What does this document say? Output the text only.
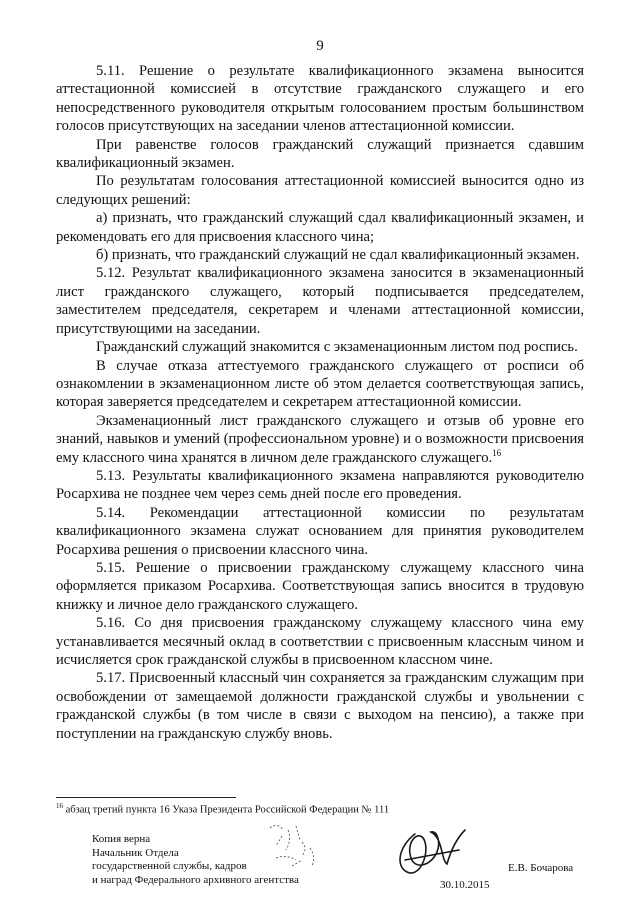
9

5.11. Решение о результате квалификационного экзамена выносится аттестационной комиссией в отсутствие гражданского служащего и его непосредственного руководителя открытым голосованием простым большинством голосов присутствующих на заседании членов аттестационной комиссии.

При равенстве голосов гражданский служащий признается сдавшим квалификационный экзамен.

По результатам голосования аттестационной комиссией выносится одно из следующих решений:

а) признать, что гражданский служащий сдал квалификационный экзамен, и рекомендовать его для присвоения классного чина;

б) признать, что гражданский служащий не сдал квалификационный экзамен.

5.12. Результат квалификационного экзамена заносится в экзаменационный лист гражданского служащего, который подписывается председателем, заместителем председателя, секретарем и членами аттестационной комиссии, присутствующими на заседании.

Гражданский служащий знакомится с экзаменационным листом под роспись.

В случае отказа аттестуемого гражданского служащего от росписи об ознакомлении в экзаменационном листе об этом делается соответствующая запись, которая заверяется председателем и секретарем аттестационной комиссии.

Экзаменационный лист гражданского служащего и отзыв об уровне его знаний, навыков и умений (профессиональном уровне) и о возможности присвоения ему классного чина хранятся в личном деле гражданского служащего.$^{16}$

5.13. Результаты квалификационного экзамена направляются руководителю Росархива не позднее чем через семь дней после его проведения.

5.14. Рекомендации аттестационной комиссии по результатам квалификационного экзамена служат основанием для принятия руководителем Росархива решения о присвоении классного чина.

5.15. Решение о присвоении гражданскому служащему классного чина оформляется приказом Росархива. Соответствующая запись вносится в трудовую книжку и личное дело гражданского служащего.

5.16. Со дня присвоения гражданскому служащему классного чина ему устанавливается месячный оклад в соответствии с присвоенным классным чином и исчисляется срок гражданской службы в присвоенном классном чине.

5.17. Присвоенный классный чин сохраняется за гражданским служащим при освобождении от замещаемой должности гражданской службы и увольнении с гражданской службы (в том числе в связи с выходом на пенсию), а также при поступлении на гражданскую службу вновь.

$^{16}$ абзац третий пункта 16 Указа Президента Российской Федерации № 111
Копия верна
Начальник Отдела
государственной службы, кадров
и наград Федерального архивного агентства	30.10.2015
Е.В. Бочарова
